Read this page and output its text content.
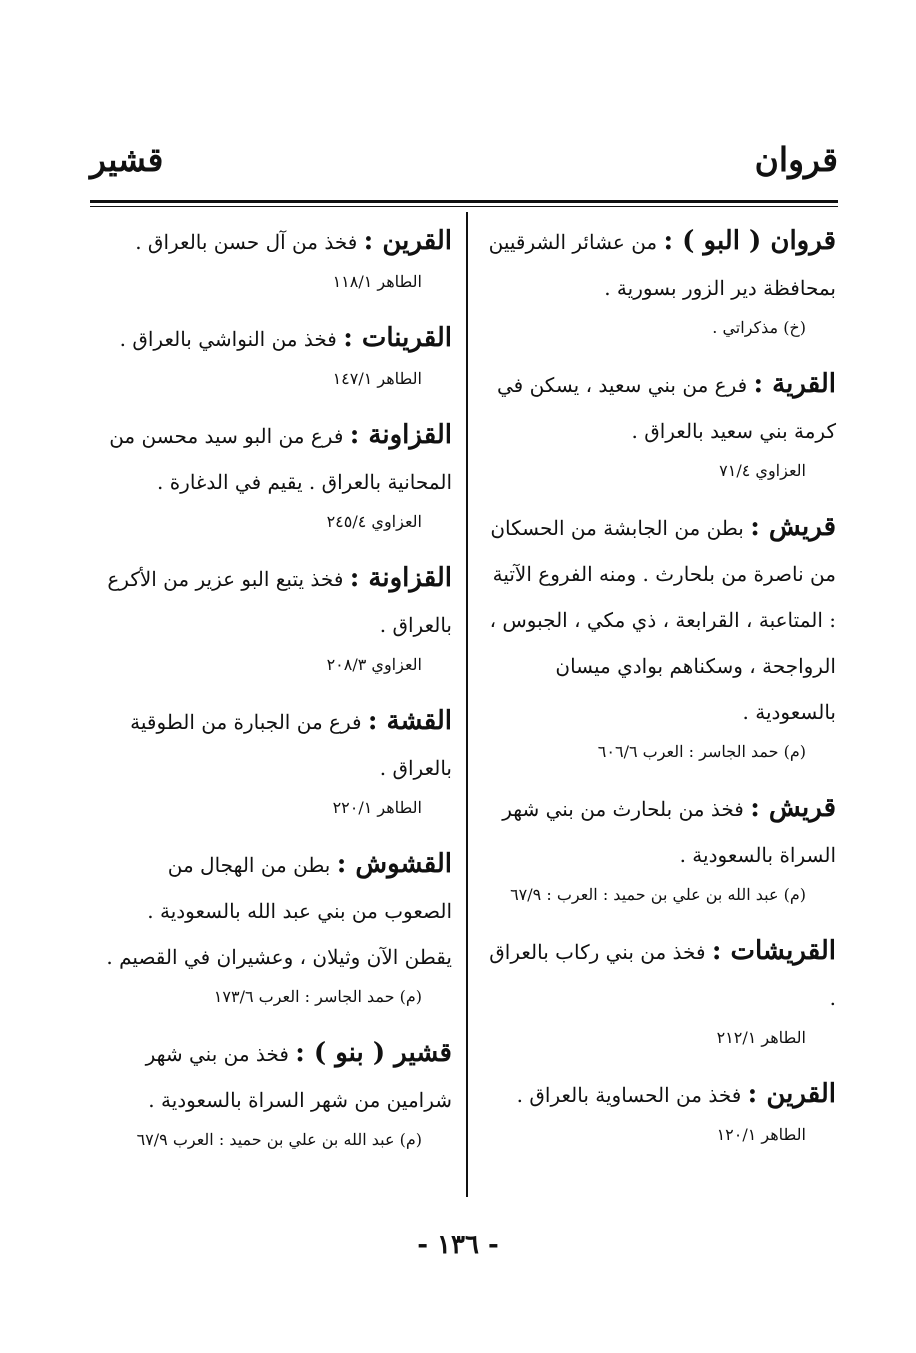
قروان
قشير
قروان ( البو ) : من عشائر الشرقيين بمحافظة دير الزور بسورية .
(خ) مذكراتي .
القرية : فرع من بني سعيد ، يسكن في كرمة بني سعيد بالعراق .
العزاوي ٧١/٤
قريش : بطن من الجابشة من الحسكان من ناصرة من بلحارث . ومنه الفروع الآتية : المتاعبة ، القرابعة ، ذي مكي ، الجبوس ، الرواجحة ، وسكناهم بوادي ميسان بالسعودية .
(م) حمد الجاسر : العرب ٦٠٦/٦
قريش : فخذ من بلحارث من بني شهر السراة بالسعودية .
(م) عبد الله بن علي بن حميد : العرب : ٦٧/٩
القريشات : فخذ من بني ركاب بالعراق .
الطاهر ٢١٢/١
القرين : فخذ من الحساوية بالعراق .
الطاهر ١٢٠/١
القرين : فخذ من آل حسن بالعراق .
الطاهر ١١٨/١
القرينات : فخذ من النواشي بالعراق .
الطاهر ١٤٧/١
القزاونة : فرع من البو سيد محسن من المحانية بالعراق . يقيم في الدغارة .
العزاوي ٢٤٥/٤
القزاونة : فخذ يتبع البو عزير من الأكرع بالعراق .
العزاوي ٢٠٨/٣
القشة : فرع من الجبارة من الطوقية بالعراق .
الطاهر ٢٢٠/١
القشوش : بطن من الهجال من الصعوب من بني عبد الله بالسعودية . يقطن الآن وثيلان ، وعشيران في القصيم .
(م) حمد الجاسر : العرب ١٧٣/٦
قشير ( بنو ) : فخذ من بني شهر شرامين من شهر السراة بالسعودية .
(م) عبد الله بن علي بن حميد : العرب ٦٧/٩
- ١٣٦ -
